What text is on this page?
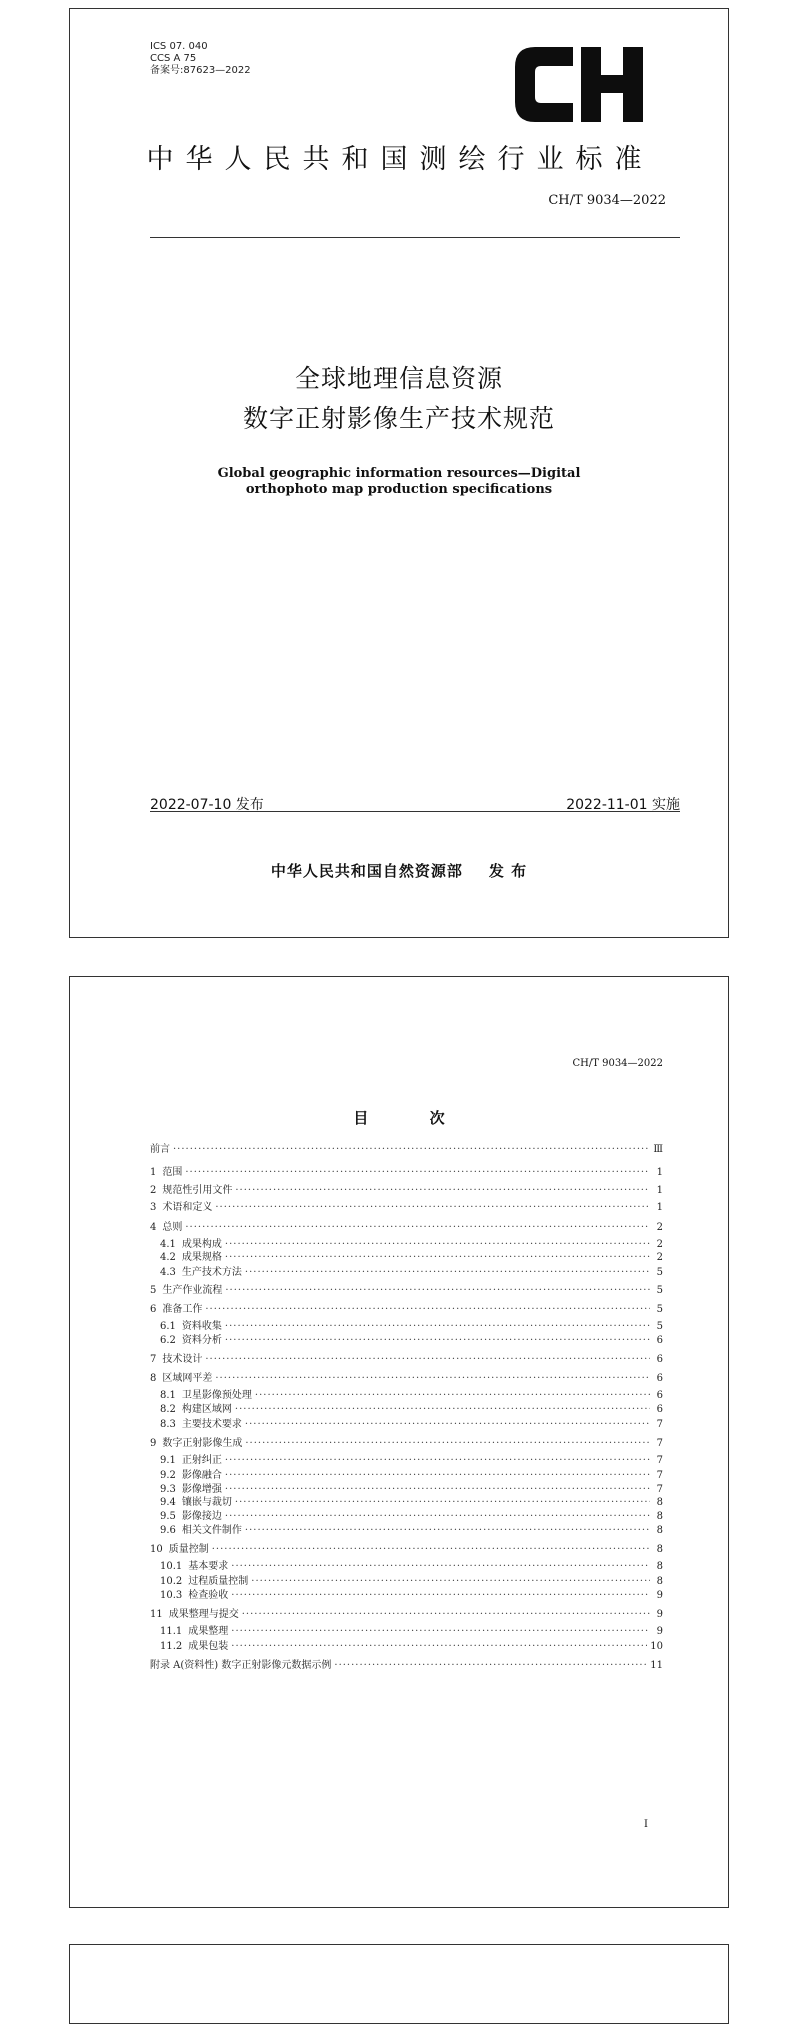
ICS 07. 040
CCS A 75
备案号:87623—2022
中华人民共和国测绘行业标准
CH/T 9034—2022
全球地理信息资源
数字正射影像生产技术规范
Global geographic information resources—Digital orthophoto map production specifications
2022-07-10 发布	2022-11-01 实施
中华人民共和国自然资源部 发 布
CH/T 9034—2022
目 次
前言 ·····	Ⅲ
1 范围 ·····	1
2 规范性引用文件 ·····	1
3 术语和定义 ·····	1
4 总则 ·····	2
4.1 成果构成 ·····	2
4.2 成果规格 ·····	2
4.3 生产技术方法 ·····	5
5 生产作业流程 ·····	5
6 准备工作 ·····	5
6.1 资料收集 ·····	5
6.2 资料分析 ·····	6
7 技术设计 ·····	6
8 区域网平差 ·····	6
8.1 卫星影像预处理 ·····	6
8.2 构建区域网 ·····	6
8.3 主要技术要求 ·····	7
9 数字正射影像生成 ·····	7
9.1 正射纠正 ·····	7
9.2 影像融合 ·····	7
9.3 影像增强 ·····	7
9.4 镶嵌与裁切 ·····	8
9.5 影像接边 ·····	8
9.6 相关文件制作 ·····	8
10 质量控制 ·····	8
10.1 基本要求 ·····	8
10.2 过程质量控制 ·····	8
10.3 检查验收 ·····	9
11 成果整理与提交 ·····	9
11.1 成果整理 ·····	9
11.2 成果包装 ·····	10
附录 A(资料性) 数字正射影像元数据示例 ·····	11
Ⅰ
